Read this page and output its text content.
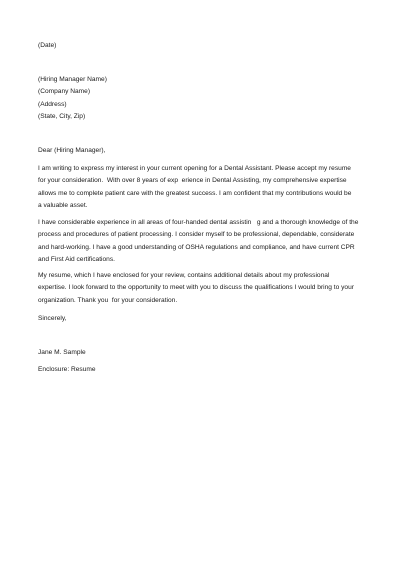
(Date)
(Hiring Manager Name)
(Company Name)
(Address)
(State, City, Zip)
Dear (Hiring Manager),
I am writing to express my interest in your current opening for a Dental Assistant. Please accept my resume
for your consideration.  With over 8 years of exp  erience in Dental Assisting, my comprehensive expertise
allows me to complete patient care with the greatest success. I am confident that my contributions would be
a valuable asset.
I have considerable experience in all areas of four-handed dental assistin   g and a thorough knowledge of the
process and procedures of patient processing. I consider myself to be professional, dependable, considerate
and hard-working. I have a good understanding of OSHA regulations and compliance, and have current CPR
and First Aid certifications.
My resume, which I have enclosed for your review, contains additional details about my professional
expertise. I look forward to the opportunity to meet with you to discuss the qualifications I would bring to your
organization. Thank you  for your consideration.
Sincerely,
Jane M. Sample
Enclosure: Resume
